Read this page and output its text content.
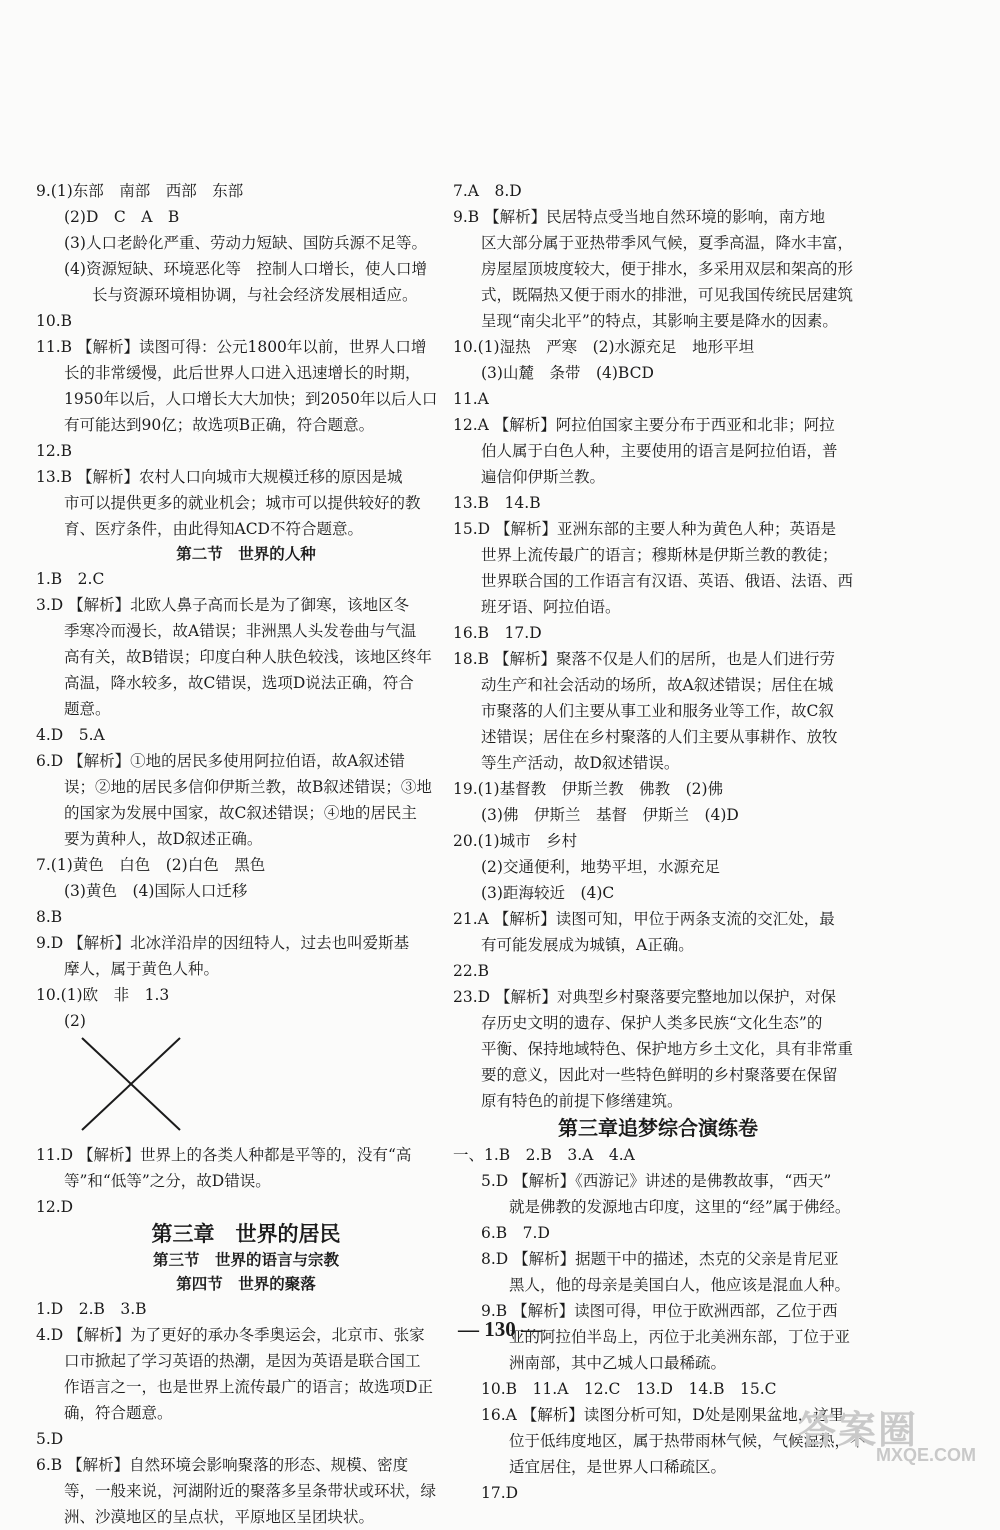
9.(1)东部　南部　西部　东部
(2)D　C　A　B
(3)人口老龄化严重、劳动力短缺、国防兵源不足等。
(4)资源短缺、环境恶化等　控制人口增长，使人口增
长与资源环境相协调，与社会经济发展相适应。
10.B
11.B 【解析】读图可得：公元1800年以前，世界人口增
长的非常缓慢，此后世界人口进入迅速增长的时期，
1950年以后，人口增长大大加快；到2050年以后人口
有可能达到90亿；故选项B正确，符合题意。
12.B
13.B 【解析】农村人口向城市大规模迁移的原因是城
市可以提供更多的就业机会；城市可以提供较好的教
育、医疗条件，由此得知ACD不符合题意。
第二节　世界的人种
1.B　2.C
3.D 【解析】北欧人鼻子高而长是为了御寒，该地区冬
季寒冷而漫长，故A错误；非洲黑人头发卷曲与气温
高有关，故B错误；印度白种人肤色较浅，该地区终年
高温，降水较多，故C错误，选项D说法正确，符合
题意。
4.D　5.A
6.D 【解析】①地的居民多使用阿拉伯语，故A叙述错
误；②地的居民多信仰伊斯兰教，故B叙述错误；③地
的国家为发展中国家，故C叙述错误；④地的居民主
要为黄种人，故D叙述正确。
7.(1)黄色　白色　(2)白色　黑色
(3)黄色　(4)国际人口迁移
8.B
9.D 【解析】北冰洋沿岸的因纽特人，过去也叫爱斯基
摩人，属于黄色人种。
10.(1)欧　非　1.3
(2)
11.D 【解析】世界上的各类人种都是平等的，没有“高
等”和“低等”之分，故D错误。
12.D
第三章　世界的居民
第三节　世界的语言与宗教
第四节　世界的聚落
1.D　2.B　3.B
4.D 【解析】为了更好的承办冬季奥运会，北京市、张家
口市掀起了学习英语的热潮，是因为英语是联合国工
作语言之一，也是世界上流传最广的语言；故选项D正
确，符合题意。
5.D
6.B 【解析】自然环境会影响聚落的形态、规模、密度
等，一般来说，河湖附近的聚落多呈条带状或环状，绿
洲、沙漠地区的呈点状，平原地区呈团块状。
7.A　8.D
9.B 【解析】民居特点受当地自然环境的影响，南方地
区大部分属于亚热带季风气候，夏季高温，降水丰富，
房屋屋顶坡度较大，便于排水，多采用双层和架高的形
式，既隔热又便于雨水的排泄，可见我国传统民居建筑
呈现“南尖北平”的特点，其影响主要是降水的因素。
10.(1)湿热　严寒　(2)水源充足　地形平坦
(3)山麓　条带　(4)BCD
11.A
12.A 【解析】阿拉伯国家主要分布于西亚和北非；阿拉
伯人属于白色人种，主要使用的语言是阿拉伯语，普
遍信仰伊斯兰教。
13.B　14.B
15.D 【解析】亚洲东部的主要人种为黄色人种；英语是
世界上流传最广的语言；穆斯林是伊斯兰教的教徒；
世界联合国的工作语言有汉语、英语、俄语、法语、西
班牙语、阿拉伯语。
16.B　17.D
18.B 【解析】聚落不仅是人们的居所，也是人们进行劳
动生产和社会活动的场所，故A叙述错误；居住在城
市聚落的人们主要从事工业和服务业等工作，故C叙
述错误；居住在乡村聚落的人们主要从事耕作、放牧
等生产活动，故D叙述错误。
19.(1)基督教　伊斯兰教　佛教　(2)佛
(3)佛　伊斯兰　基督　伊斯兰　(4)D
20.(1)城市　乡村
(2)交通便利，地势平坦，水源充足
(3)距海较近　(4)C
21.A 【解析】读图可知，甲位于两条支流的交汇处，最
有可能发展成为城镇，A正确。
22.B
23.D 【解析】对典型乡村聚落要完整地加以保护，对保
存历史文明的遗存、保护人类多民族“文化生态”的
平衡、保持地域特色、保护地方乡土文化，具有非常重
要的意义，因此对一些特色鲜明的乡村聚落要在保留
原有特色的前提下修缮建筑。
第三章追梦综合演练卷
一、1.B　2.B　3.A　4.A
5.D 【解析】《西游记》讲述的是佛教故事，“西天”
就是佛教的发源地古印度，这里的“经”属于佛经。
6.B　7.D
8.D 【解析】据题干中的描述，杰克的父亲是肯尼亚
黑人，他的母亲是美国白人，他应该是混血人种。
9.B 【解析】读图可得，甲位于欧洲西部，乙位于西
亚的阿拉伯半岛上，丙位于北美洲东部，丁位于亚
洲南部，其中乙城人口最稀疏。
10.B　11.A　12.C　13.D　14.B　15.C
16.A 【解析】读图分析可知，D处是刚果盆地，这里
位于低纬度地区，属于热带雨林气候，气候湿热，不
适宜居住，是世界人口稀疏区。
17.D
— 130 —
答案圈
MXQE.COM
